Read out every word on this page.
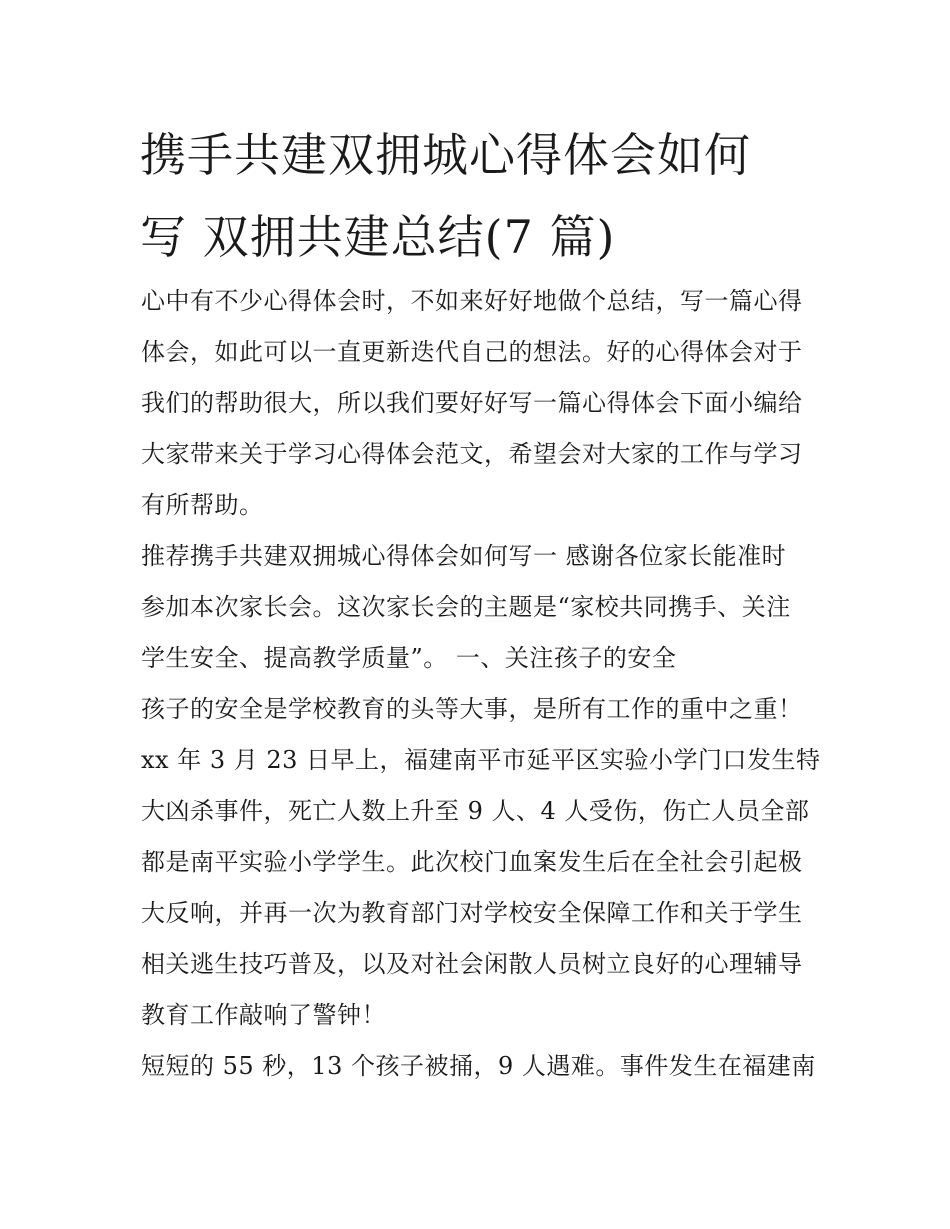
携手共建双拥城心得体会如何
写 双拥共建总结(7 篇)
心中有不少心得体会时，不如来好好地做个总结，写一篇心得
体会，如此可以一直更新迭代自己的想法。好的心得体会对于
我们的帮助很大，所以我们要好好写一篇心得体会下面小编给
大家带来关于学习心得体会范文，希望会对大家的工作与学习
有所帮助。
推荐携手共建双拥城心得体会如何写一 感谢各位家长能准时
参加本次家长会。这次家长会的主题是“家校共同携手、关注
学生安全、提高教学质量”。 一、关注孩子的安全
孩子的安全是学校教育的头等大事，是所有工作的重中之重！
xx 年 3 月 23 日早上，福建南平市延平区实验小学门口发生特
大凶杀事件，死亡人数上升至 9 人、4 人受伤，伤亡人员全部
都是南平实验小学学生。此次校门血案发生后在全社会引起极
大反响，并再一次为教育部门对学校安全保障工作和关于学生
相关逃生技巧普及，以及对社会闲散人员树立良好的心理辅导
教育工作敲响了警钟！
短短的 55 秒，13 个孩子被捅，9 人遇难。事件发生在福建南
